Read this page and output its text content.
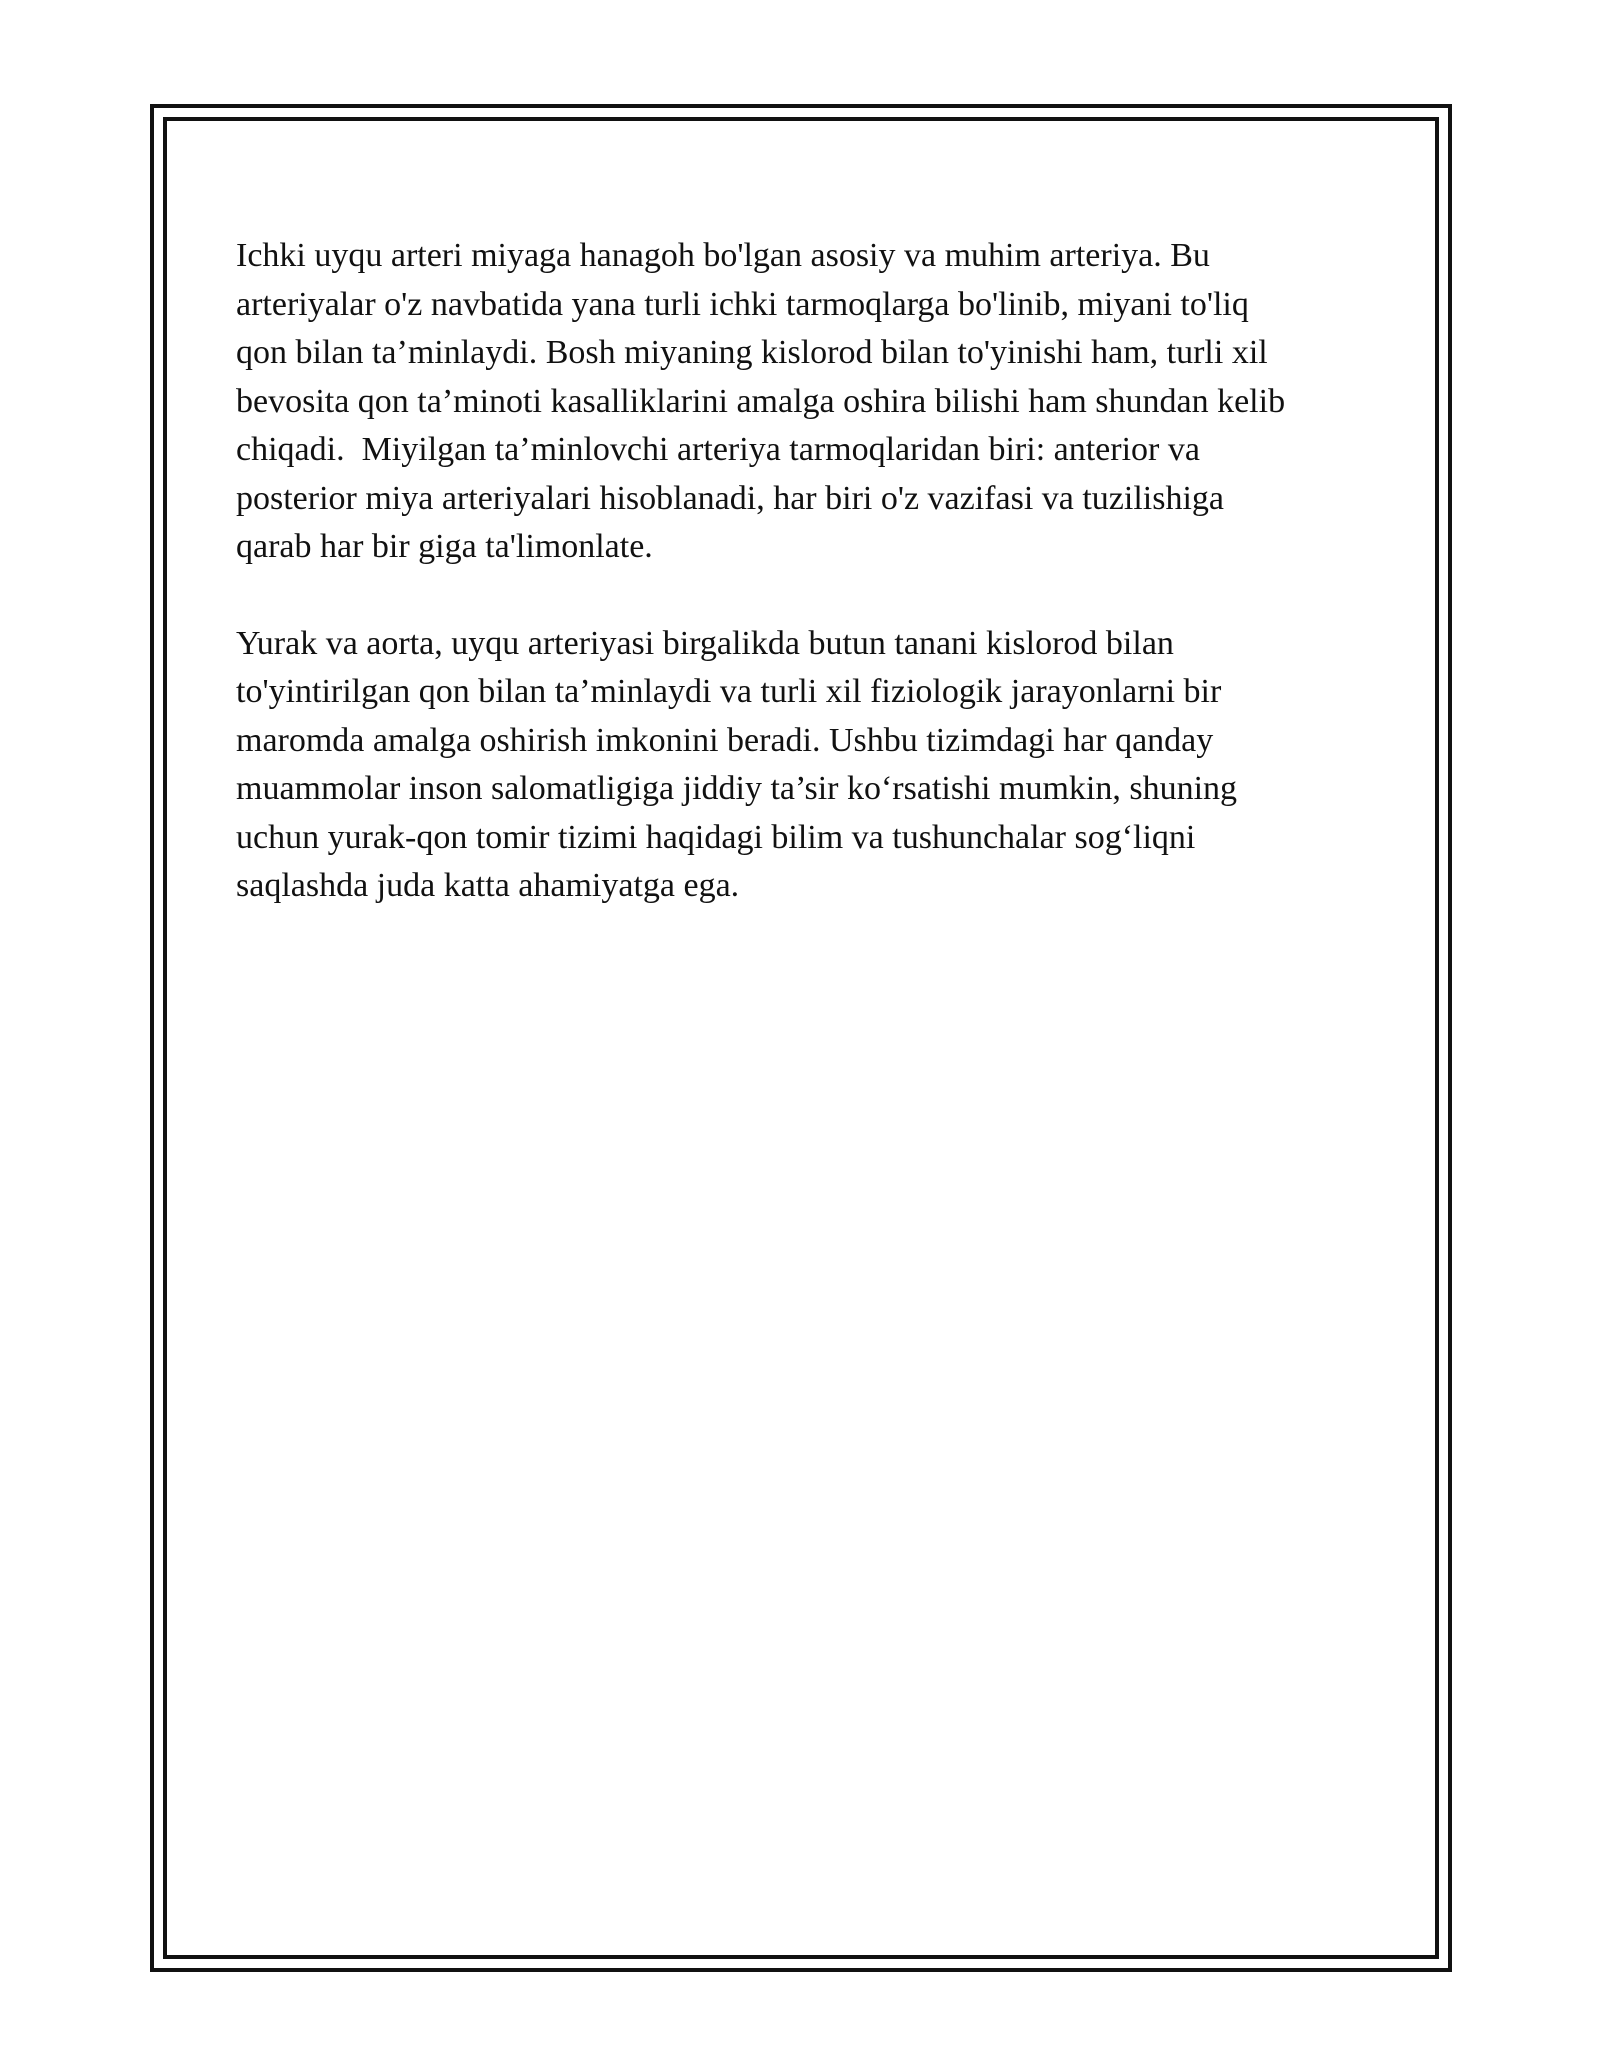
Ichki uyqu arteri miyaga hanagoh bo'lgan asosiy va muhim arteriya. Bu
arteriyalar o'z navbatida yana turli ichki tarmoqlarga bo'linib, miyani to'liq
qon bilan ta’minlaydi. Bosh miyaning kislorod bilan to'yinishi ham, turli xil
bevosita qon ta’minoti kasalliklarini amalga oshira bilishi ham shundan kelib
chiqadi.  Miyilgan ta’minlovchi arteriya tarmoqlaridan biri: anterior va
posterior miya arteriyalari hisoblanadi, har biri o'z vazifasi va tuzilishiga
qarab har bir giga ta'limonlate.

Yurak va aorta, uyqu arteriyasi birgalikda butun tanani kislorod bilan
to'yintirilgan qon bilan ta’minlaydi va turli xil fiziologik jarayonlarni bir
maromda amalga oshirish imkonini beradi. Ushbu tizimdagi har qanday
muammolar inson salomatligiga jiddiy ta’sir ko‘rsatishi mumkin, shuning
uchun yurak-qon tomir tizimi haqidagi bilim va tushunchalar sog‘liqni
saqlashda juda katta ahamiyatga ega.
